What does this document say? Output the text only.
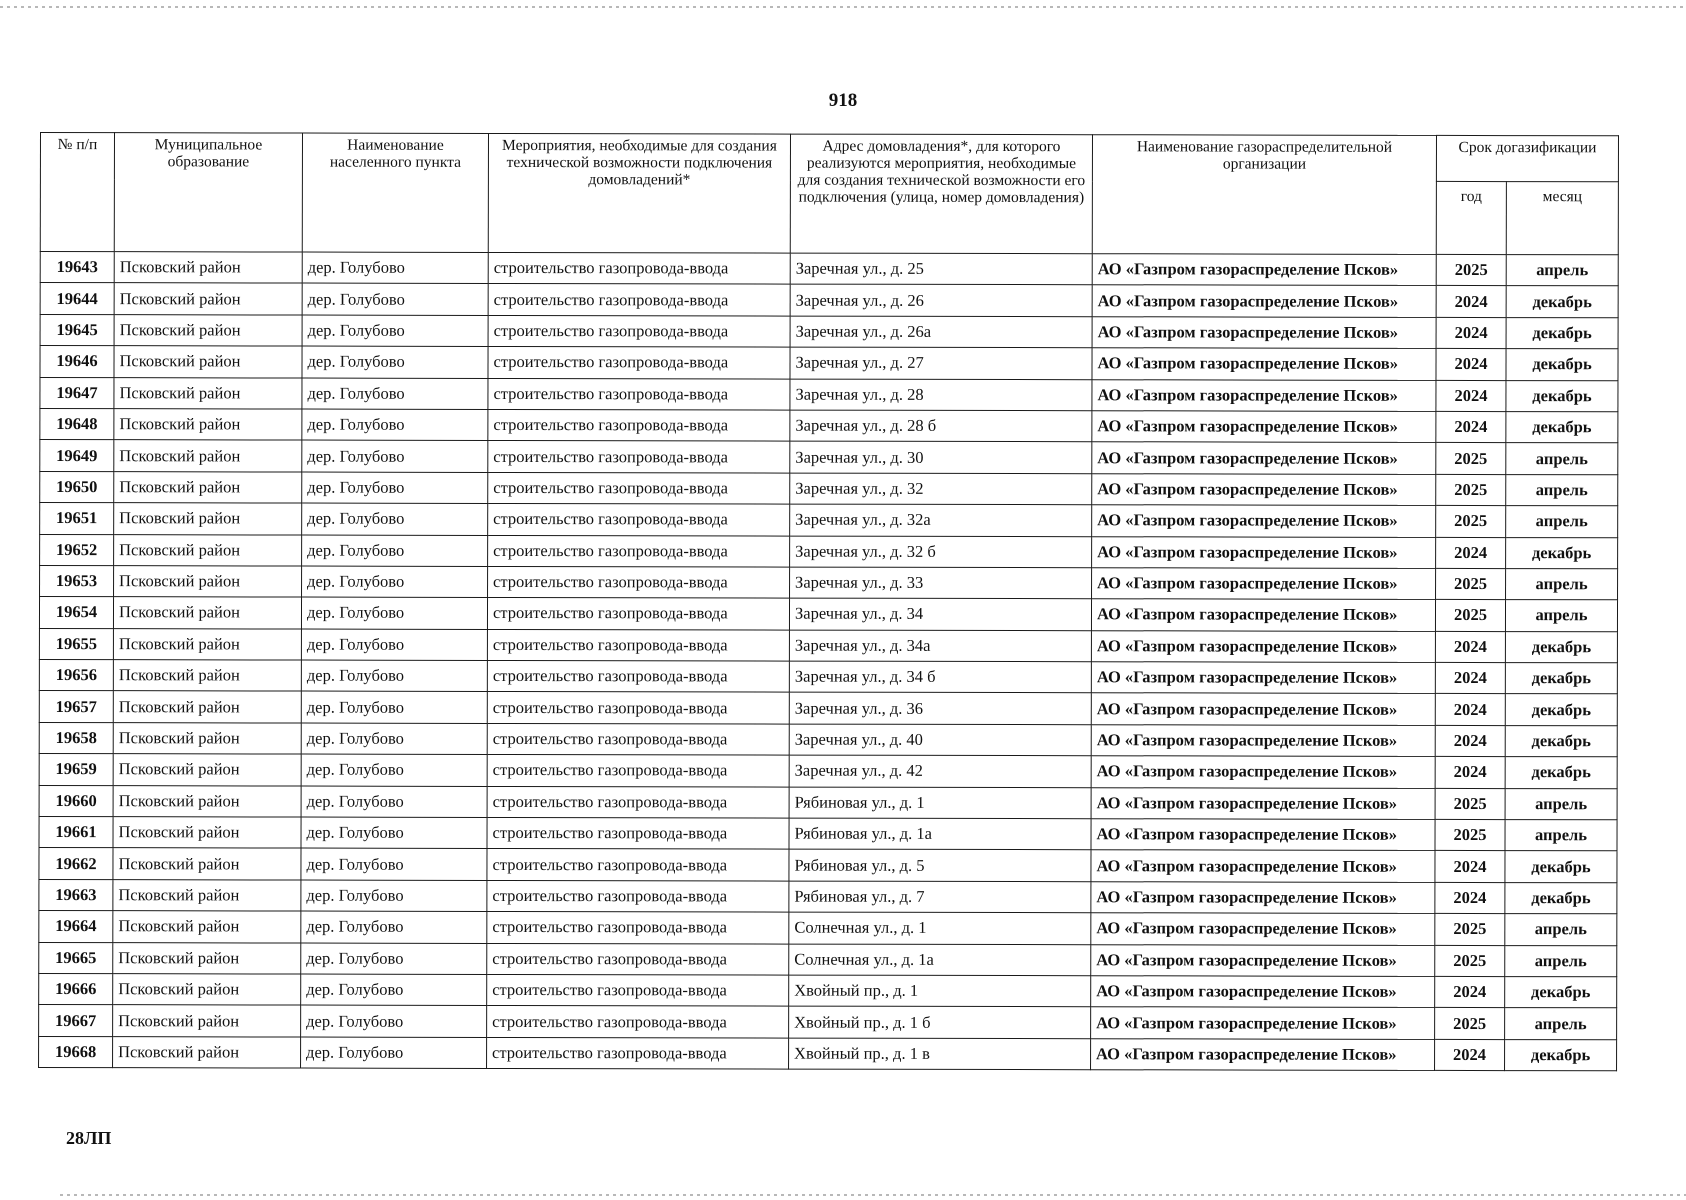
918
№ п/п	Муниципальное образование	Наименование населенного пункта	Мероприятия, необходимые для создания технической возможности подключения домовладений*	Адрес домовладения*, для которого реализуются мероприятия, необходимые для создания технической возможности его подключения (улица, номер домовладения)	Наименование газораспределительной организации	Срок догазификации	
						год	месяц
19643	Псковский район	дер. Голубово	строительство газопровода-ввода	Заречная ул., д. 25	АО «Газпром газораспределение Псков»	2025	апрель
19644	Псковский район	дер. Голубово	строительство газопровода-ввода	Заречная ул., д. 26	АО «Газпром газораспределение Псков»	2024	декабрь
19645	Псковский район	дер. Голубово	строительство газопровода-ввода	Заречная ул., д. 26а	АО «Газпром газораспределение Псков»	2024	декабрь
19646	Псковский район	дер. Голубово	строительство газопровода-ввода	Заречная ул., д. 27	АО «Газпром газораспределение Псков»	2024	декабрь
19647	Псковский район	дер. Голубово	строительство газопровода-ввода	Заречная ул., д. 28	АО «Газпром газораспределение Псков»	2024	декабрь
19648	Псковский район	дер. Голубово	строительство газопровода-ввода	Заречная ул., д. 28 б	АО «Газпром газораспределение Псков»	2024	декабрь
19649	Псковский район	дер. Голубово	строительство газопровода-ввода	Заречная ул., д. 30	АО «Газпром газораспределение Псков»	2025	апрель
19650	Псковский район	дер. Голубово	строительство газопровода-ввода	Заречная ул., д. 32	АО «Газпром газораспределение Псков»	2025	апрель
19651	Псковский район	дер. Голубово	строительство газопровода-ввода	Заречная ул., д. 32а	АО «Газпром газораспределение Псков»	2025	апрель
19652	Псковский район	дер. Голубово	строительство газопровода-ввода	Заречная ул., д. 32 б	АО «Газпром газораспределение Псков»	2024	декабрь
19653	Псковский район	дер. Голубово	строительство газопровода-ввода	Заречная ул., д. 33	АО «Газпром газораспределение Псков»	2025	апрель
19654	Псковский район	дер. Голубово	строительство газопровода-ввода	Заречная ул., д. 34	АО «Газпром газораспределение Псков»	2025	апрель
19655	Псковский район	дер. Голубово	строительство газопровода-ввода	Заречная ул., д. 34а	АО «Газпром газораспределение Псков»	2024	декабрь
19656	Псковский район	дер. Голубово	строительство газопровода-ввода	Заречная ул., д. 34 б	АО «Газпром газораспределение Псков»	2024	декабрь
19657	Псковский район	дер. Голубово	строительство газопровода-ввода	Заречная ул., д. 36	АО «Газпром газораспределение Псков»	2024	декабрь
19658	Псковский район	дер. Голубово	строительство газопровода-ввода	Заречная ул., д. 40	АО «Газпром газораспределение Псков»	2024	декабрь
19659	Псковский район	дер. Голубово	строительство газопровода-ввода	Заречная ул., д. 42	АО «Газпром газораспределение Псков»	2024	декабрь
19660	Псковский район	дер. Голубово	строительство газопровода-ввода	Рябиновая ул., д. 1	АО «Газпром газораспределение Псков»	2025	апрель
19661	Псковский район	дер. Голубово	строительство газопровода-ввода	Рябиновая ул., д. 1а	АО «Газпром газораспределение Псков»	2025	апрель
19662	Псковский район	дер. Голубово	строительство газопровода-ввода	Рябиновая ул., д. 5	АО «Газпром газораспределение Псков»	2024	декабрь
19663	Псковский район	дер. Голубово	строительство газопровода-ввода	Рябиновая ул., д. 7	АО «Газпром газораспределение Псков»	2024	декабрь
19664	Псковский район	дер. Голубово	строительство газопровода-ввода	Солнечная ул., д. 1	АО «Газпром газораспределение Псков»	2025	апрель
19665	Псковский район	дер. Голубово	строительство газопровода-ввода	Солнечная ул., д. 1а	АО «Газпром газораспределение Псков»	2025	апрель
19666	Псковский район	дер. Голубово	строительство газопровода-ввода	Хвойный пр., д. 1	АО «Газпром газораспределение Псков»	2024	декабрь
19667	Псковский район	дер. Голубово	строительство газопровода-ввода	Хвойный пр., д. 1 б	АО «Газпром газораспределение Псков»	2025	апрель
19668	Псковский район	дер. Голубово	строительство газопровода-ввода	Хвойный пр., д. 1 в	АО «Газпром газораспределение Псков»	2024	декабрь
28ЛП
